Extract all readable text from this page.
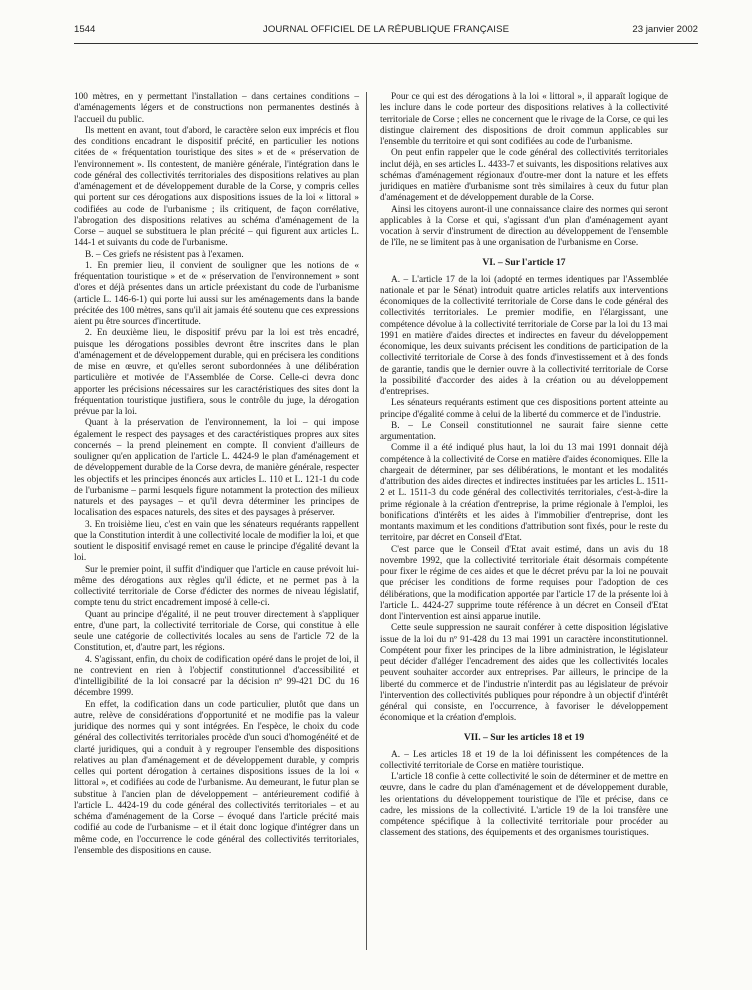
1544	JOURNAL OFFICIEL DE LA RÉPUBLIQUE FRANÇAISE	23 janvier 2002

100 mètres, en y permettant l'installation – dans certaines conditions – d'aménagements légers et de constructions non permanentes destinés à l'accueil du public.

Ils mettent en avant, tout d'abord, le caractère selon eux imprécis et flou des conditions encadrant le dispositif précité, en particulier les notions citées de « fréquentation touristique des sites » et de « préservation de l'environnement ». Ils contestent, de manière générale, l'intégration dans le code général des collectivités territoriales des dispositions relatives au plan d'aménagement et de développement durable de la Corse, y compris celles qui portent sur ces dérogations aux dispositions issues de la loi « littoral » codifiées au code de l'urbanisme ; ils critiquent, de façon corrélative, l'abrogation des dispositions relatives au schéma d'aménagement de la Corse – auquel se substituera le plan précité – qui figurent aux articles L. 144-1 et suivants du code de l'urbanisme.

B. – Ces griefs ne résistent pas à l'examen.

1. En premier lieu, il convient de souligner que les notions de « fréquentation touristique » et de « préservation de l'environnement » sont d'ores et déjà présentes dans un article préexistant du code de l'urbanisme (article L. 146-6-1) qui porte lui aussi sur les aménagements dans la bande précitée des 100 mètres, sans qu'il ait jamais été soutenu que ces expressions aient pu être sources d'incertitude.

2. En deuxième lieu, le dispositif prévu par la loi est très encadré, puisque les dérogations possibles devront être inscrites dans le plan d'aménagement et de développement durable, qui en précisera les conditions de mise en œuvre, et qu'elles seront subordonnées à une délibération particulière et motivée de l'Assemblée de Corse. Celle-ci devra donc apporter les précisions nécessaires sur les caractéristiques des sites dont la fréquentation touristique justifiera, sous le contrôle du juge, la dérogation prévue par la loi.

Quant à la préservation de l'environnement, la loi – qui impose également le respect des paysages et des caractéristiques propres aux sites concernés – la prend pleinement en compte. Il convient d'ailleurs de souligner qu'en application de l'article L. 4424-9 le plan d'aménagement et de développement durable de la Corse devra, de manière générale, respecter les objectifs et les principes énoncés aux articles L. 110 et L. 121-1 du code de l'urbanisme – parmi lesquels figure notamment la protection des milieux naturels et des paysages – et qu'il devra déterminer les principes de localisation des espaces naturels, des sites et des paysages à préserver.

3. En troisième lieu, c'est en vain que les sénateurs requérants rappellent que la Constitution interdit à une collectivité locale de modifier la loi, et que soutient le dispositif envisagé remet en cause le principe d'égalité devant la loi.

Sur le premier point, il suffit d'indiquer que l'article en cause prévoit lui-même des dérogations aux règles qu'il édicte, et ne permet pas à la collectivité territoriale de Corse d'édicter des normes de niveau législatif, compte tenu du strict encadrement imposé à celle-ci.

Quant au principe d'égalité, il ne peut trouver directement à s'appliquer entre, d'une part, la collectivité territoriale de Corse, qui constitue à elle seule une catégorie de collectivités locales au sens de l'article 72 de la Constitution, et, d'autre part, les régions.

4. S'agissant, enfin, du choix de codification opéré dans le projet de loi, il ne contrevient en rien à l'objectif constitutionnel d'accessibilité et d'intelligibilité de la loi consacré par la décision nº 99-421 DC du 16 décembre 1999.

En effet, la codification dans un code particulier, plutôt que dans un autre, relève de considérations d'opportunité et ne modifie pas la valeur juridique des normes qui y sont intégrées. En l'espèce, le choix du code général des collectivités territoriales procède d'un souci d'homogénéité et de clarté juridiques, qui a conduit à y regrouper l'ensemble des dispositions relatives au plan d'aménagement et de développement durable, y compris celles qui portent dérogation à certaines dispositions issues de la loi « littoral », et codifiées au code de l'urbanisme. Au demeurant, le futur plan se substitue à l'ancien plan de développement – antérieurement codifié à l'article L. 4424-19 du code général des collectivités territoriales – et au schéma d'aménagement de la Corse – évoqué dans l'article précité mais codifié au code de l'urbanisme – et il était donc logique d'intégrer dans un même code, en l'occurrence le code général des collectivités territoriales, l'ensemble des dispositions en cause.

Pour ce qui est des dérogations à la loi « littoral », il apparaît logique de les inclure dans le code porteur des dispositions relatives à la collectivité territoriale de Corse ; elles ne concernent que le rivage de la Corse, ce qui les distingue clairement des dispositions de droit commun applicables sur l'ensemble du territoire et qui sont codifiées au code de l'urbanisme.

On peut enfin rappeler que le code général des collectivités territoriales inclut déjà, en ses articles L. 4433-7 et suivants, les dispositions relatives aux schémas d'aménagement régionaux d'outre-mer dont la nature et les effets juridiques en matière d'urbanisme sont très similaires à ceux du futur plan d'aménagement et de développement durable de la Corse.

Ainsi les citoyens auront-il une connaissance claire des normes qui seront applicables à la Corse et qui, s'agissant d'un plan d'aménagement ayant vocation à servir d'instrument de direction au développement de l'ensemble de l'île, ne se limitent pas à une organisation de l'urbanisme en Corse.

VI. – Sur l'article 17

A. – L'article 17 de la loi (adopté en termes identiques par l'Assemblée nationale et par le Sénat) introduit quatre articles relatifs aux interventions économiques de la collectivité territoriale de Corse dans le code général des collectivités territoriales. Le premier modifie, en l'élargissant, une compétence dévolue à la collectivité territoriale de Corse par la loi du 13 mai 1991 en matière d'aides directes et indirectes en faveur du développement économique, les deux suivants précisent les conditions de participation de la collectivité territoriale de Corse à des fonds d'investissement et à des fonds de garantie, tandis que le dernier ouvre à la collectivité territoriale de Corse la possibilité d'accorder des aides à la création ou au développement d'entreprises.

Les sénateurs requérants estiment que ces dispositions portent atteinte au principe d'égalité comme à celui de la liberté du commerce et de l'industrie.

B. – Le Conseil constitutionnel ne saurait faire sienne cette argumentation.

Comme il a été indiqué plus haut, la loi du 13 mai 1991 donnait déjà compétence à la collectivité de Corse en matière d'aides économiques. Elle la chargeait de déterminer, par ses délibérations, le montant et les modalités d'attribution des aides directes et indirectes instituées par les articles L. 1511-2 et L. 1511-3 du code général des collectivités territoriales, c'est-à-dire la prime régionale à la création d'entreprise, la prime régionale à l'emploi, les bonifications d'intérêts et les aides à l'immobilier d'entreprise, dont les montants maximum et les conditions d'attribution sont fixés, pour le reste du territoire, par décret en Conseil d'Etat.

C'est parce que le Conseil d'Etat avait estimé, dans un avis du 18 novembre 1992, que la collectivité territoriale était désormais compétente pour fixer le régime de ces aides et que le décret prévu par la loi ne pouvait que préciser les conditions de forme requises pour l'adoption de ces délibérations, que la modification apportée par l'article 17 de la présente loi à l'article L. 4424-27 supprime toute référence à un décret en Conseil d'Etat dont l'intervention est ainsi apparue inutile.

Cette seule suppression ne saurait conférer à cette disposition législative issue de la loi du nº 91-428 du 13 mai 1991 un caractère inconstitutionnel. Compétent pour fixer les principes de la libre administration, le législateur peut décider d'alléger l'encadrement des aides que les collectivités locales peuvent souhaiter accorder aux entreprises. Par ailleurs, le principe de la liberté du commerce et de l'industrie n'interdit pas au législateur de prévoir l'intervention des collectivités publiques pour répondre à un objectif d'intérêt général qui consiste, en l'occurrence, à favoriser le développement économique et la création d'emplois.

VII. – Sur les articles 18 et 19

A. – Les articles 18 et 19 de la loi définissent les compétences de la collectivité territoriale de Corse en matière touristique.

L'article 18 confie à cette collectivité le soin de déterminer et de mettre en œuvre, dans le cadre du plan d'aménagement et de développement durable, les orientations du développement touristique de l'île et précise, dans ce cadre, les missions de la collectivité. L'article 19 de la loi transfère une compétence spécifique à la collectivité territoriale pour procéder au classement des stations, des équipements et des organismes touristiques.
